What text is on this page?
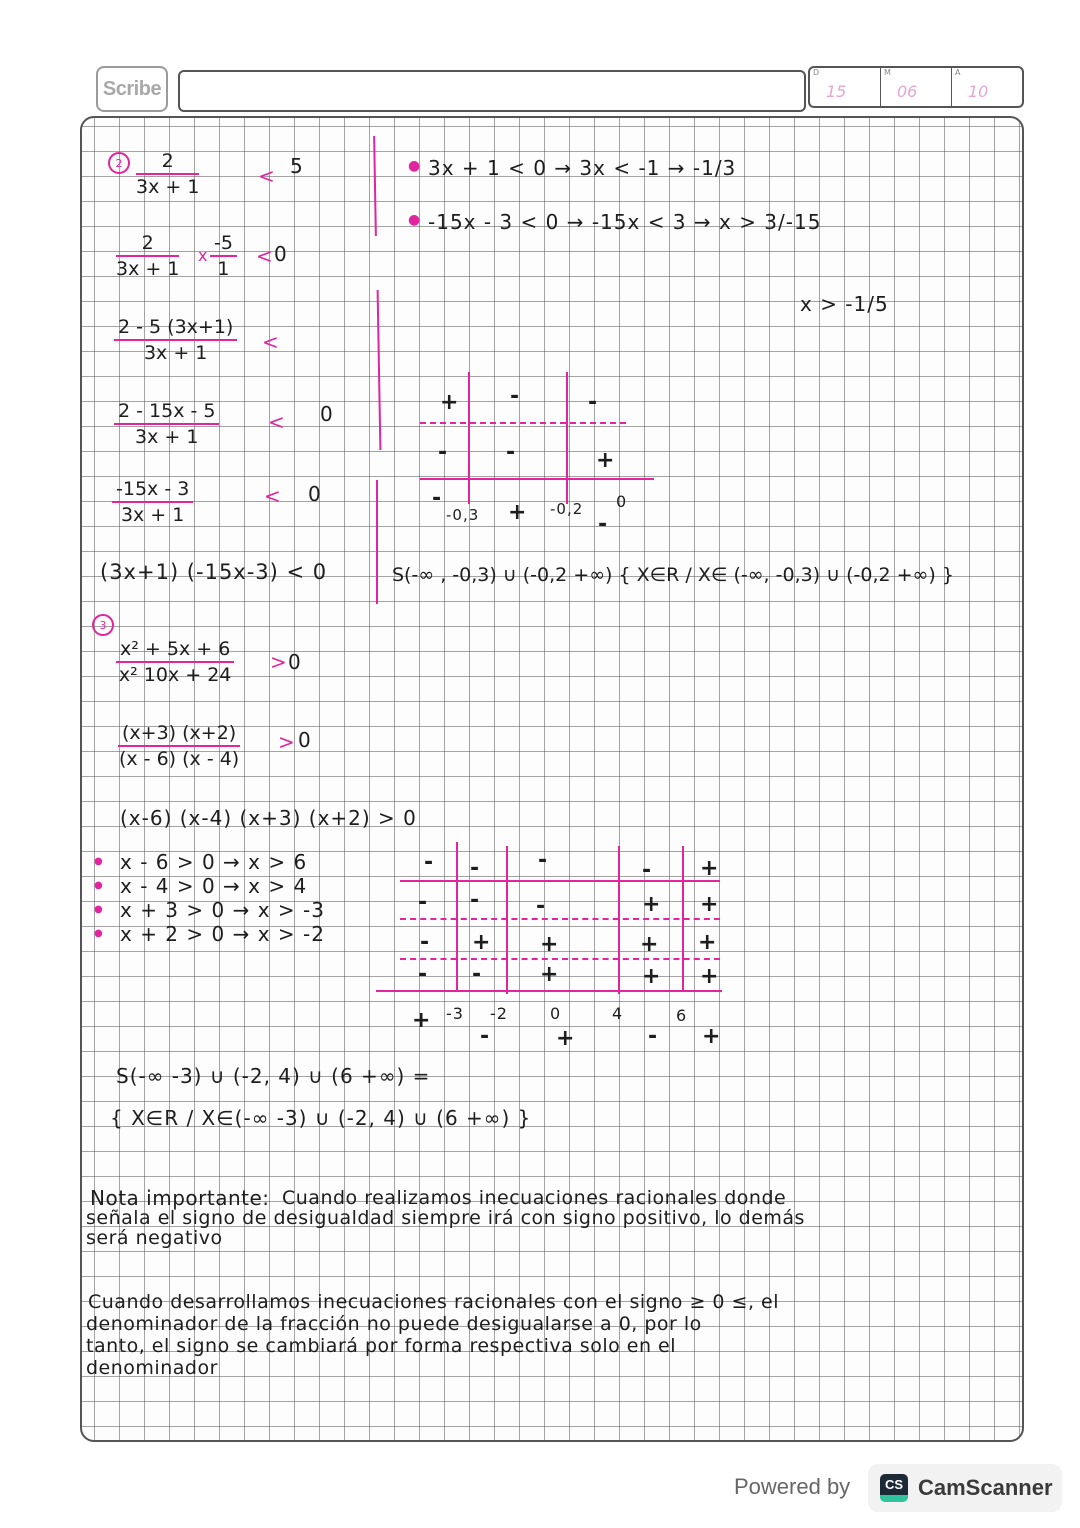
Scribe
D
15
M
06
A
10
2	2
3x + 1	< 5
2
3x + 1
x
-5
1
< 0
2 - 5 (3x+1)
3x + 1	<
2 - 15x - 5
3x + 1
< 0
-15x - 3
3x + 1
< 0
(3x+1) (-15x-3) < 0
● 3x + 1 < 0 → 3x < -1 → -1/3
● -15x - 3 < 0 → -15x < 3 → x > 3/-15
x > -1/5
+ -	-
-	-	+
-0,3	-0,2 0
-
+	-
S(-∞ , -0,3) ∪ (-0,2 +∞) { X∈R / X∈ (-∞, -0,3) ∪ (-0,2 +∞) }
3
x² + 5x + 6
x² 10x + 24
> 0
(x+3) (x+2)
(x - 6) (x - 4)
> 0
(x-6) (x-4) (x+3) (x+2) > 0
● x - 6 > 0 → x > 6
● x - 4 > 0 → x > 4
● x + 3 > 0 → x > -3
● x + 2 > 0 → x > -2
- -	-	- +
- -	-	+ +
- + +	+ +
- -	+	+ +
-3 -2	0	4	6
+
-	+	- +
S(-∞ -3) ∪ (-2, 4) ∪ (6 +∞) =
{ X∈R / X∈(-∞ -3) ∪ (-2, 4) ∪ (6 +∞) }
Nota importante: Cuando realizamos inecuaciones racionales donde
señala el signo de desigualdad siempre irá con signo positivo, lo demás
será negativo
Cuando desarrollamos inecuaciones racionales con el signo ≥ 0 ≤, el
denominador de la fracción no puede desigualarse a 0, por lo
tanto, el signo se cambiará por forma respectiva solo en el
denominador
Powered by	CS CamScanner
